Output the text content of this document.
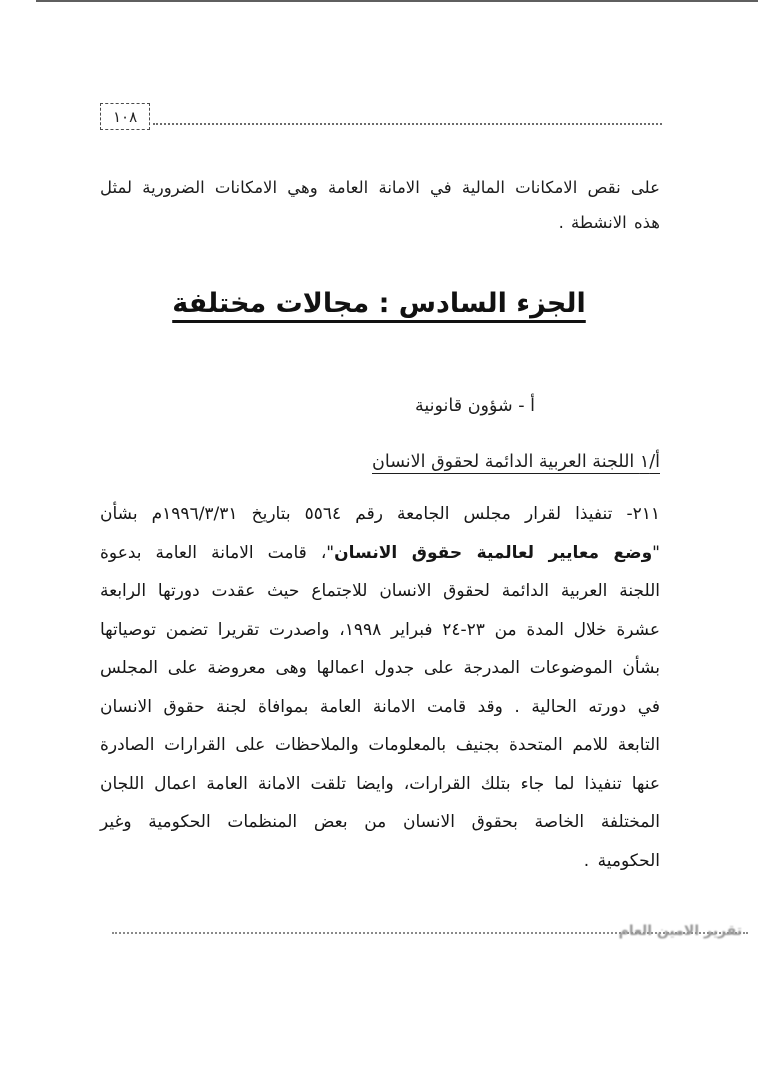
١٠٨

على نقص الامكانات المالية في الامانة العامة وهي الامكانات الضرورية لمثل هذه الانشطة .

الجزء السادس : مجالات مختلفة
أ - شؤون قانونية
أ/١ اللجنة العربية الدائمة لحقوق الانسان

٢١١- تنفيذا لقرار مجلس الجامعة رقم ٥٥٦٤ بتاريخ ١٩٩٦/٣/٣١م بشأن "وضع معايير لعالمية حقوق الانسان"، قامت الامانة العامة بدعوة اللجنة العربية الدائمة لحقوق الانسان للاجتماع حيث عقدت دورتها الرابعة عشرة خلال المدة من ٢٣-٢٤ فبراير ١٩٩٨، واصدرت تقريرا تضمن توصياتها بشأن الموضوعات المدرجة على جدول اعمالها وهى معروضة على المجلس في دورته الحالية . وقد قامت الامانة العامة بموافاة لجنة حقوق الانسان التابعة للامم المتحدة بجنيف بالمعلومات والملاحظات على القرارات الصادرة عنها تنفيذا لما جاء بتلك القرارات، وايضا تلقت الامانة العامة اعمال اللجان المختلفة الخاصة بحقوق الانسان من بعض المنظمات الحكومية وغير الحكومية .

تقرير الامين العام
